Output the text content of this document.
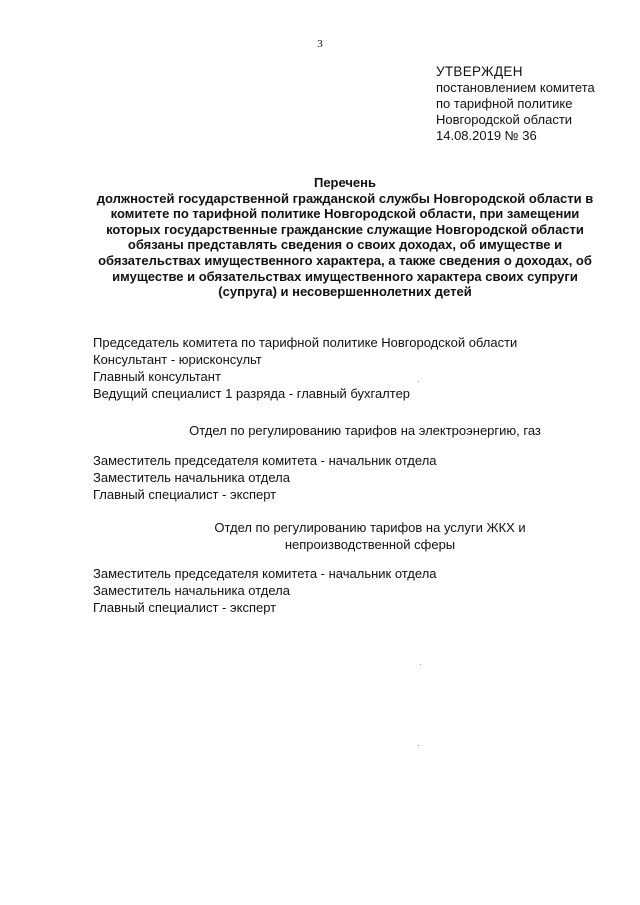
3
УТВЕРЖДЕН
постановлением комитета
по тарифной политике
Новгородской области
14.08.2019 № 36
Перечень
должностей государственной гражданской службы Новгородской области в
комитете по тарифной политике Новгородской области, при замещении
которых государственные гражданские служащие Новгородской области
обязаны представлять сведения о своих доходах, об имуществе и
обязательствах имущественного характера, а также сведения о доходах, об
имуществе и обязательствах имущественного характера своих супруги
(супруга) и несовершеннолетних детей
Председатель комитета по тарифной политике Новгородской области
Консультант - юрисконсульт
Главный консультант
Ведущий специалист 1 разряда - главный бухгалтер
Отдел по регулированию тарифов на электроэнергию, газ
Заместитель председателя комитета - начальник отдела
Заместитель начальника отдела
Главный специалист - эксперт
Отдел по регулированию тарифов на услуги ЖКХ и
непроизводственной сферы
Заместитель председателя комитета - начальник отдела
Заместитель начальника отдела
Главный специалист - эксперт
